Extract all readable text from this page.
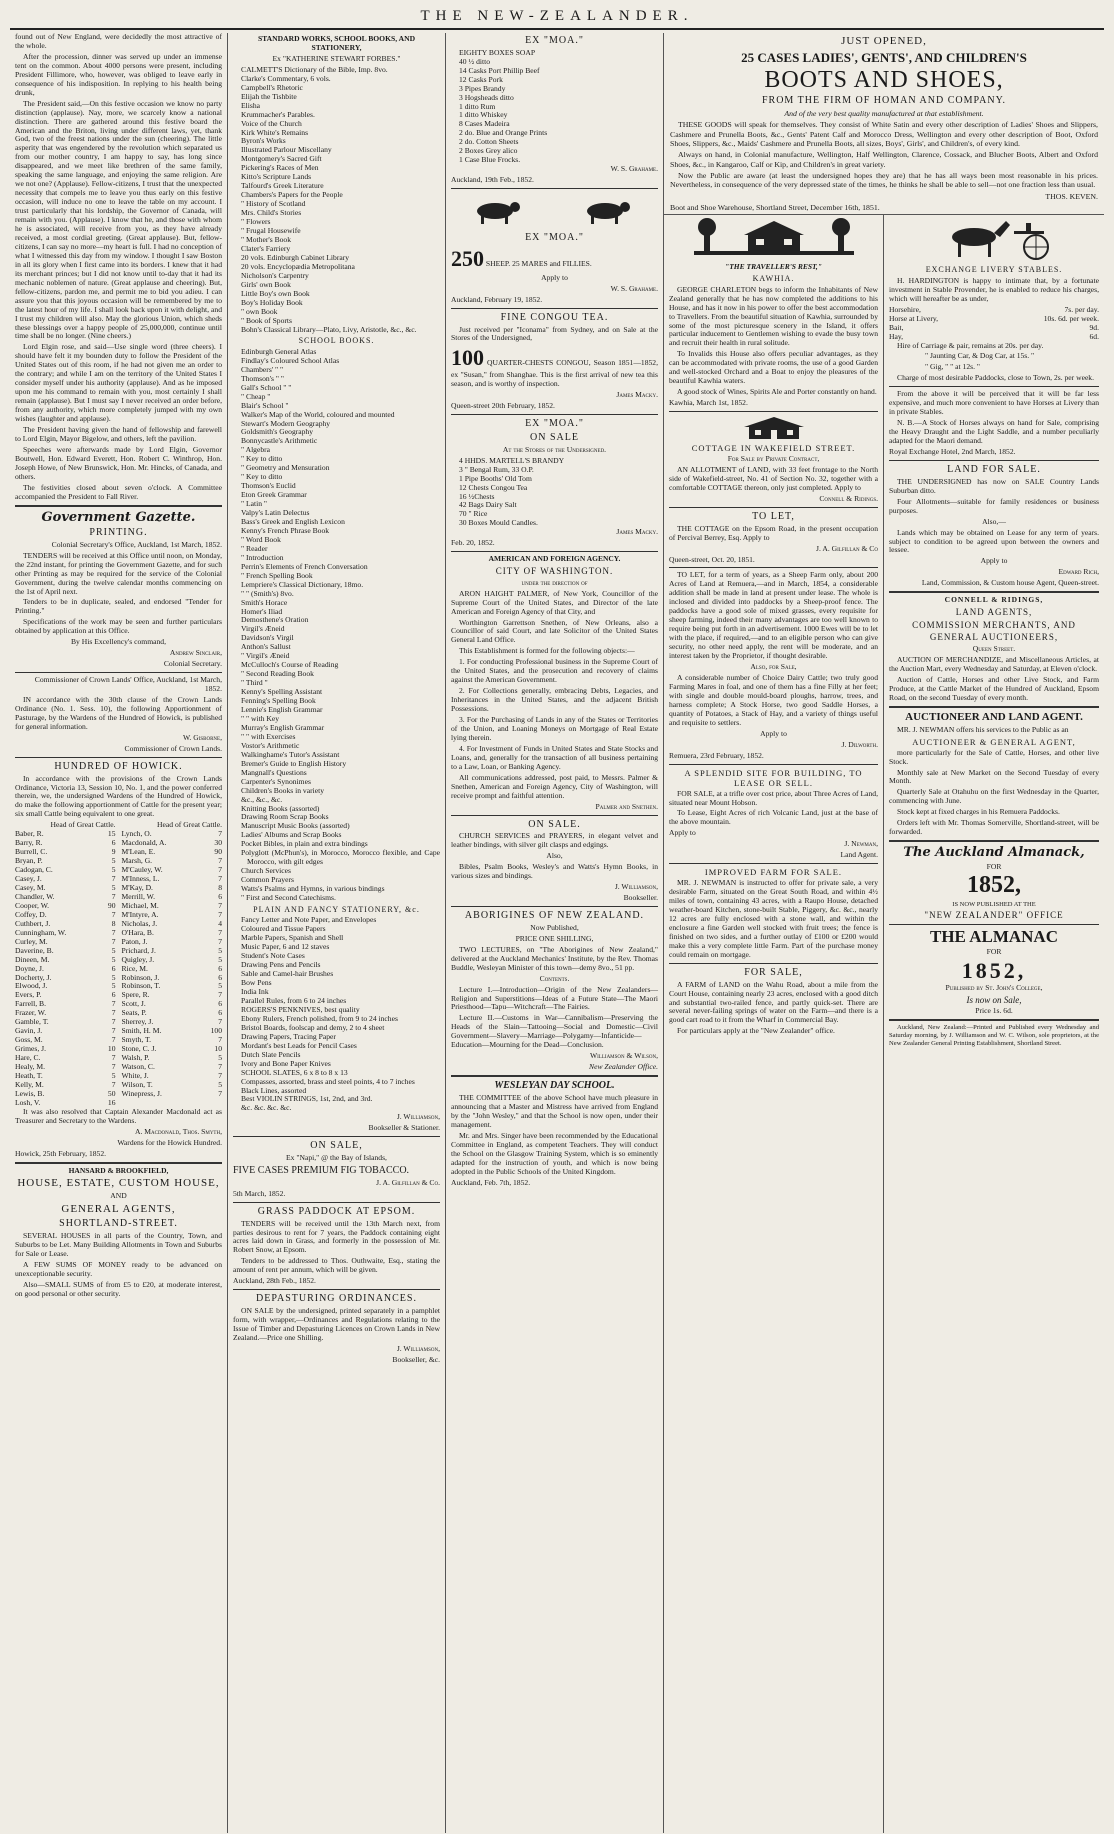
THE NEW-ZEALANDER.

found out of New England, were decidedly the most attractive of the whole.

After the procession, dinner was served up under an immense tent on the common. About 4000 persons were present, including President Fillimore, who, however, was obliged to leave early in consequence of his indisposition. In replying to his health being drunk,

The President said,—On this festive occasion we know no party distinction (applause). Nay, more, we scarcely know a national distinction. There are gathered around this festive board the American and the Briton, living under different laws, yet, thank God, two of the freest nations under the sun (cheering). The little asperity that was engendered by the revolution which separated us from our mother country, I am happy to say, has long since disappeared, and we meet like brethren of the same family, speaking the same language, and enjoying the same religion. Are we not one? (Applause). Fellow-citizens, I trust that the unexpected necessity that compels me to leave you thus early on this festive occasion, will induce no one to leave the table on my account. I trust particularly that his lordship, the Governor of Canada, will remain with you. (Applause). I know that he, and those with whom he is associated, will receive from you, as they have already received, a most cordial greeting. (Great applause). But, fellow-citizens, I can say no more—my heart is full. I had no conception of what I witnessed this day from my window. I thought I saw Boston in all its glory when I first came into its borders. I knew that it had its merchant princes; but I did not know until to-day that it had its mechanic noblemen of nature. (Great applause and cheering). But, fellow-citizens, pardon me, and permit me to bid you adieu. I can assure you that this joyous occasion will be remembered by me to the latest hour of my life. I shall look back upon it with delight, and I trust my children will also. May the glorious Union, which sheds these blessings over a happy people of 25,000,000, continue until time shall be no longer. (Nine cheers.)

Lord Elgin rose, and said—Use single word (three cheers). I should have felt it my bounden duty to follow the President of the United States out of this room, if he had not given me an order to the contrary; and while I am on the territory of the United States I consider myself under his authority (applause). And as he imposed upon me his command to remain with you, most certainly I shall remain (applause). But I must say I never received an order before, from any authority, which more completely jumped with my own wishes (laughter and applause).

The President having given the hand of fellowship and farewell to Lord Elgin, Mayor Bigelow, and others, left the pavilion.

Speeches were afterwards made by Lord Elgin, Governor Boutwell, Hon. Edward Everett, Hon. Robert C. Winthrop, Hon. Joseph Howe, of New Brunswick, Hon. Mr. Hincks, of Canada, and others.

The festivities closed about seven o'clock. A Committee accompanied the President to Fall River.

Government Gazette.
PRINTING.

Colonial Secretary's Office, Auckland, 1st March, 1852.

TENDERS will be received at this Office until noon, on Monday, the 22nd instant, for printing the Government Gazette, and for such other Printing as may be required for the service of the Colonial Government, during the twelve calendar months commencing on the 1st of April next.

Tenders to be in duplicate, sealed, and endorsed "Tender for Printing."

Specifications of the work may be seen and further particulars obtained by application at this Office.

By His Excellency's command,

Andrew Sinclair,

Colonial Secretary.

Commissioner of Crown Lands' Office, Auckland, 1st March, 1852.

IN accordance with the 30th clause of the Crown Lands Ordinance (No. 1. Sess. 10), the following Apportionment of Pasturage, by the Wardens of the Hundred of Howick, is published for general information.

W. Gisborne,

Commissioner of Crown Lands.

HUNDRED OF HOWICK.

In accordance with the provisions of the Crown Lands Ordinance, Victoria 13, Session 10, No. 1, and the power conferred therein, we, the undersigned Wardens of the Hundred of Howick, do make the following apportionment of Cattle for the present year; six small Cattle being equivalent to one great.

Head of Great Cattle.
Baber, R.	15
Barry, R.	6
Burrell, C.	9
Bryan, P.	5
Cadogan, C.	5
Casey, J.	7
Casey, M.	5
Chandler, W.	7
Cooper, W.	90
Coffey, D.	7
Cuthbert, J.	8
Cunningham, W.	7
Curley, M.	7
Daverine, B.	5
Dineen, M.	5
Doyne, J.	6
Docherty, J.	5
Elwood, J.	5
Evers, P.	6
Farrell, B.	7
Frazer, W.	7
Gamble, T.	7
Gavin, J.	7
Goss, M.	7
Grimes, J.	10
Hare, C.	7
Healy, M.	7
Heath, T.	5
Kelly, M.	7
Lewis, B.	50
Losh, V.	16
Head of Great Cattle.
Lynch, O.	7
Macdonald, A.	30
M'Lean, E.	90
Marsh, G.	7
M'Cauley, W.	7
M'Inness, L.	7
M'Kay, D.	8
Merrill, W.	6
Michael, M.	7
M'Intyre, A.	7
Nicholas, J.	4
O'Hara, B.	7
Paton, J.	7
Prichard, J.	5
Quigley, J.	5
Rice, M.	6
Robinson, J.	6
Robinson, T.	5
Spere, R.	7
Scott, J.	6
Seats, P.	6
Sherrey, J.	7
Smith, H. M.	100
Smyth, T.	7
Stone, C. J.	10
Walsh, P.	5
Watson, C.	7
White, J.	7
Wilson, T.	5
Winepress, J.	7

It was also resolved that Captain Alexander Macdonald act as Treasurer and Secretary to the Wardens.

A. Macdonald, Thos. Smyth,

Wardens for the Howick Hundred.

Howick, 25th February, 1852.

HANSARD & BROOKFIELD,
HOUSE, ESTATE, CUSTOM HOUSE,
AND
GENERAL AGENTS,
SHORTLAND-STREET.

SEVERAL HOUSES in all parts of the Country, Town, and Suburbs to be Let. Many Building Allotments in Town and Suburbs for Sale or Lease.

A FEW SUMS OF MONEY ready to be advanced on unexceptionable security.

Also—SMALL SUMS of from £5 to £20, at moderate interest, on good personal or other security.

STANDARD WORKS, SCHOOL BOOKS, AND STATIONERY,

Ex "KATHERINE STEWART FORBES."

CALMETT'S Dictionary of the Bible, Imp. 8vo.
Clarke's Commentary, 6 vols.
Campbell's Rhetoric
Elijah the Tishbite
Elisha
Krummacher's Parables.
Voice of the Church
Kirk White's Remains
Byron's Works
Illustrated Parlour Miscellany
Montgomery's Sacred Gift
Pickering's Races of Men
Kitto's Scripture Lands
Talfourd's Greek Literature
Chambers's Papers for the People
" History of Scotland
Mrs. Child's Stories
" Flowers
" Frugal Housewife
" Mother's Book
Clater's Farriery
20 vols. Edinburgh Cabinet Library
20 vols. Encyclopædia Metropolitana
Nicholson's Carpentry
Girls' own Book
Little Boy's own Book
Boy's Holiday Book
" own Book
" Book of Sports
Bohn's Classical Library—Plato, Livy, Aristotle, &c., &c.
SCHOOL BOOKS.
Edinburgh General Atlas
Findlay's Coloured School Atlas
Chambers' " "
Thomson's " "
Gall's School " "
" Cheap "
Blair's School "
Walker's Map of the World, coloured and mounted
Stewart's Modern Geography
Goldsmith's Geography
Bonnycastle's Arithmetic
" Algebra
" Key to ditto
" Geometry and Mensuration
" Key to ditto
Thomson's Euclid
Eton Greek Grammar
" Latin "
Valpy's Latin Delectus
Bass's Greek and English Lexicon
Kenny's French Phrase Book
" Word Book
" Reader
" Introduction
Perrin's Elements of French Conversation
" French Spelling Book
Lempriere's Classical Dictionary, 18mo.
" " (Smith's) 8vo.
Smith's Horace
Homer's Iliad
Demosthene's Oration
Virgil's Æneid
Davidson's Virgil
Anthon's Sallust
" Virgil's Æneid
McCulloch's Course of Reading
" Second Reading Book
" Third "
Kenny's Spelling Assistant
Fenning's Spelling Book
Lennie's English Grammar
" " with Key
Murray's English Grammar
" " with Exercises
Vostor's Arithmetic
Walkinghame's Tutor's Assistant
Bremer's Guide to English History
Mangnall's Questions
Carpenter's Synonimes
Children's Books in variety
&c., &c., &c.
Knitting Books (assorted)
Drawing Room Scrap Books
Manuscript Music Books (assorted)
Ladies' Albums and Scrap Books
Pocket Bibles, in plain and extra bindings
Polyglott (McPhun's), in Morocco, Morocco flexible, and Cape Morocco, with gilt edges
Church Services
Common Prayers
Watts's Psalms and Hymns, in various bindings
" First and Second Catechisms.
PLAIN AND FANCY STATIONERY, &c.
Fancy Letter and Note Paper, and Envelopes
Coloured and Tissue Papers
Marble Papers, Spanish and Shell
Music Paper, 6 and 12 staves
Student's Note Cases
Drawing Pens and Pencils
Sable and Camel-hair Brushes
Bow Pens
India Ink
Parallel Rules, from 6 to 24 inches
ROGERS'S PENKNIVES, best quality
Ebony Rulers, French polished, from 9 to 24 inches
Bristol Boards, foolscap and demy, 2 to 4 sheet
Drawing Papers, Tracing Paper
Mordant's best Leads for Pencil Cases
Dutch Slate Pencils
Ivory and Bone Paper Knives
SCHOOL SLATES, 6 x 8 to 8 x 13
Compasses, assorted, brass and steel points, 4 to 7 inches
Black Lines, assorted
Best VIOLIN STRINGS, 1st, 2nd, and 3rd.
&c. &c. &c. &c.

J. Williamson,

Bookseller & Stationer.

ON SALE,

Ex "Napi," @ the Bay of Islands,

FIVE CASES PREMIUM FIG TOBACCO.

J. A. Gilfillan & Co.

5th March, 1852.

GRASS PADDOCK AT EPSOM.

TENDERS will be received until the 13th March next, from parties desirous to rent for 7 years, the Paddock containing eight acres laid down in Grass, and formerly in the possession of Mr. Robert Snow, at Epsom.

Tenders to be addressed to Thos. Outhwaite, Esq., stating the amount of rent per annum, which will be given.

Auckland, 28th Feb., 1852.

DEPASTURING ORDINANCES.

ON SALE by the undersigned, printed separately in a pamphlet form, with wrapper,—Ordinances and Regulations relating to the Issue of Timber and Depasturing Licences on Crown Lands in New Zealand.—Price one Shilling.

J. Williamson,

Bookseller, &c.

EX "MOA."
EIGHTY BOXES SOAP
40 ½ ditto
14 Casks Port Phillip Beef
12 Casks Pork
3 Pipes Brandy
3 Hogsheads ditto
1 ditto Rum
1 ditto Whiskey
8 Cases Madeira
2 do. Blue and Orange Prints
2 do. Cotton Sheets
2 Boxes Grey alico
1 Case Blue Frocks.

W. S. Grahame.

Auckland, 19th Feb., 1852.

EX "MOA."

250 SHEEP. 25 MARES and FILLIES.

Apply to

W. S. Grahame.

Auckland, February 19, 1852.

FINE CONGOU TEA.

Just received per "Iconama" from Sydney, and on Sale at the Stores of the Undersigned,

100 QUARTER-CHESTS CONGOU, Season 1851—1852, ex "Susan," from Shanghae. This is the first arrival of new tea this season, and is worthy of inspection.

James Macky.

Queen-street 20th February, 1852.

EX "MOA."
ON SALE

At the Stores of the Undersigned.

4 HHDS. MARTELL'S BRANDY
3 " Bengal Rum, 33 O.P.
1 Pipe Booths' Old Tom
12 Chests Congou Tea
16 ½Chests
42 Bags Dairy Salt
70 " Rice
30 Boxes Mould Candles.

James Macky.

Feb. 20, 1852.

AMERICAN AND FOREIGN AGENCY.
CITY OF WASHINGTON.

under the direction of

ARON HAIGHT PALMER, of New York, Councillor of the Supreme Court of the United States, and Director of the late American and Foreign Agency of that City, and

Worthington Garrettson Snethen, of New Orleans, also a Councillor of said Court, and late Solicitor of the United States General Land Office.

This Establishment is formed for the following objects:—

1. For conducting Professional business in the Supreme Court of the United States, and the prosecution and recovery of claims against the American Government.

2. For Collections generally, embracing Debts, Legacies, and Inheritances in the United States, and the adjacent British Possessions.

3. For the Purchasing of Lands in any of the States or Territories of the Union, and Loaning Moneys on Mortgage of Real Estate lying therein.

4. For Investment of Funds in United States and State Stocks and Loans, and, generally for the transaction of all business pertaining to a Law, Loan, or Banking Agency.

All communications addressed, post paid, to Messrs. Palmer & Snethen, American and Foreign Agency, City of Washington, will receive prompt and faithful attention.

Palmer and Snethen.

ON SALE.

CHURCH SERVICES and PRAYERS, in elegant velvet and leather bindings, with silver gilt clasps and edgings.

Also,

Bibles, Psalm Books, Wesley's and Watts's Hymn Books, in various sizes and bindings.

J. Williamson,

Bookseller.

ABORIGINES OF NEW ZEALAND.

Now Published,

PRICE ONE SHILLING,

TWO LECTURES, on "The Aborigines of New Zealand," delivered at the Auckland Mechanics' Institute, by the Rev. Thomas Buddle, Wesleyan Minister of this town—demy 8vo., 51 pp.

Contents.

Lecture I.—Introduction—Origin of the New Zealanders—Religion and Superstitions—Ideas of a Future State—The Maori Priesthood—Tapu—Witchcraft—The Fairies.

Lecture II.—Customs in War—Cannibalism—Preserving the Heads of the Slain—Tattooing—Social and Domestic—Civil Government—Slavery—Marriage—Polygamy—Infanticide—Education—Mourning for the Dead—Conclusion.

Williamson & Wilson,

New Zealander Office.

WESLEYAN DAY SCHOOL.

THE COMMITTEE of the above School have much pleasure in announcing that a Master and Mistress have arrived from England by the "John Wesley," and that the School is now open, under their management.

Mr. and Mrs. Singer have been recommended by the Educational Committee in England, as competent Teachers. They will conduct the School on the Glasgow Training System, which is so eminently adapted for the instruction of youth, and which is now being adopted in the Public Schools of the United Kingdom.

Auckland, Feb. 7th, 1852.

JUST OPENED,
25 CASES LADIES', GENTS', AND CHILDREN'S
BOOTS AND SHOES,
FROM THE FIRM OF HOMAN AND COMPANY.

And of the very best quality manufactured at that establishment.

THESE GOODS will speak for themselves. They consist of White Satin and every other description of Ladies' Shoes and Slippers, Cashmere and Prunella Boots, &c., Gents' Patent Calf and Morocco Dress, Wellington and every other description of Boot, Oxford Shoes, Slippers, &c., Maids' Cashmere and Prunella Boots, all sizes, Boys', Girls', and Children's, of every kind.

Always on hand, in Colonial manufacture, Wellington, Half Wellington, Clarence, Cossack, and Blucher Boots, Albert and Oxford Shoes, &c., in Kangaroo, Calf or Kip, and Children's in great variety.

Now the Public are aware (at least the undersigned hopes they are) that he has all ways been most reasonable in his prices. Nevertheless, in consequence of the very depressed state of the times, he thinks he shall be able to sell—not one fraction less than usual.

THOS. KEVEN.

Boot and Shoe Warehouse, Shortland Street, December 16th, 1851.

"THE TRAVELLER'S REST,"
KAWHIA.

GEORGE CHARLETON begs to inform the Inhabitants of New Zealand generally that he has now completed the additions to his House, and has it now in his power to offer the best accommodation to Travellers. From the beautiful situation of Kawhia, surrounded by some of the most picturesque scenery in the Island, it offers particular inducement to Gentlemen wishing to evade the busy town and recruit their health in rural solitude.

To Invalids this House also offers peculiar advantages, as they can be accommodated with private rooms, the use of a good Garden and well-stocked Orchard and a Boat to enjoy the pleasures of the beautiful Kawhia waters.

A good stock of Wines, Spirits Ale and Porter constantly on hand.

Kawhia, March 1st, 1852.

COTTAGE IN WAKEFIELD STREET.

For Sale by Private Contract,

AN ALLOTMENT of LAND, with 33 feet frontage to the North side of Wakefield-street, No. 41 of Section No. 32, together with a comfortable COTTAGE thereon, only just completed. Apply to

Connell & Ridings.

TO LET,

THE COTTAGE on the Epsom Road, in the present occupation of Percival Berrey, Esq. Apply to

J. A. Gilfillan & Co

Queen-street, Oct. 20, 1851.

TO LET, for a term of years, as a Sheep Farm only, about 200 Acres of Land at Remuera,—and in March, 1854, a considerable addition shall be made in land at present under lease. The whole is inclosed and divided into paddocks by a Sheep-proof fence. The paddocks have a good sole of mixed grasses, every requisite for sheep farming, indeed their many advantages are too well known to require being put forth in an advertisement. 1000 Ewes will be to let with the place, if required,—and to an eligible person who can give security, no other need apply, the rent will be moderate, and an interest taken by the Proprietor, if thought desirable.

Also, for Sale,

A considerable number of Choice Dairy Cattle; two truly good Farming Mares in foal, and one of them has a fine Filly at her feet; with single and double mould-board ploughs, harrow, trees, and harness complete; A Stock Horse, two good Saddle Horses, a quantity of Potatoes, a Stack of Hay, and a variety of things useful and requisite to settlers.

Apply to

J. Dilworth.

Remuera, 23rd February, 1852.

A SPLENDID SITE FOR BUILDING, TO LEASE OR SELL.

FOR SALE, at a trifle over cost price, about Three Acres of Land, situated near Mount Hobson.

To Lease, Eight Acres of rich Volcanic Land, just at the base of the above mountain.

Apply to

J. Newman,

Land Agent.

IMPROVED FARM FOR SALE.

MR. J. NEWMAN is instructed to offer for private sale, a very desirable Farm, situated on the Great South Road, and within 4½ miles of town, containing 43 acres, with a Raupo House, detached weather-board Kitchen, stone-built Stable, Piggery, &c. &c., nearly 12 acres are fully enclosed with a stone wall, and within the enclosure a fine Garden well stocked with fruit trees; the fence is finished on two sides, and a further outlay of £100 or £200 would make this a very complete little Farm. Part of the purchase money could remain on mortgage.

FOR SALE,

A FARM of LAND on the Wahu Road, about a mile from the Court House, containing nearly 23 acres, enclosed with a good ditch and substantial two-railed fence, and partly quick-set. There are several never-failing springs of water on the Farm—and there is a good cart road to it from the Wharf in Commercial Bay.

For particulars apply at the "New Zealander" office.

EXCHANGE LIVERY STABLES.

H. HARDINGTON is happy to intimate that, by a fortunate investment in Stable Provender, he is enabled to reduce his charges, which will hereafter be as under,

Horsehire,	7s. per day.
Horse at Livery,	10s. 6d. per week.
Bait,	9d.
Hay,	6d.

Hire of Carriage & pair, remains at 20s. per day.

" Jaunting Car, & Dog Car, at 15s. "

" Gig, " " at 12s. "

Charge of most desirable Paddocks, close to Town, 2s. per week.

From the above it will be perceived that it will be far less expensive, and much more convenient to have Horses at Livery than in private Stables.

N. B.—A Stock of Horses always on hand for Sale, comprising the Heavy Draught and the Light Saddle, and a number peculiarly adapted for the Maori demand.

Royal Exchange Hotel, 2nd March, 1852.

LAND FOR SALE.

THE UNDERSIGNED has now on SALE Country Lands Suburban ditto.

Four Allotments—suitable for family residences or business purposes.

Also,—

Lands which may be obtained on Lease for any term of years. subject to condition to be agreed upon between the owners and lessee.

Apply to

Edward Rich,

Land, Commission, & Custom house Agent, Queen-street.

CONNELL & RIDINGS,
LAND AGENTS,
COMMISSION MERCHANTS, AND
GENERAL AUCTIONEERS,

Queen Street.

AUCTION OF MERCHANDIZE, and Miscellaneous Articles, at the Auction Mart, every Wednesday and Saturday, at Eleven o'clock.

Auction of Cattle, Horses and other Live Stock, and Farm Produce, at the Cattle Market of the Hundred of Auckland, Epsom Road, on the second Tuesday of every month.

AUCTIONEER AND LAND AGENT.

MR. J. NEWMAN offers his services to the Public as an

AUCTIONEER & GENERAL AGENT,

more particularly for the Sale of Cattle, Horses, and other live Stock.

Monthly sale at New Market on the Second Tuesday of every Month.

Quarterly Sale at Otahuhu on the first Wednesday in the Quarter, commencing with June.

Stock kept at fixed charges in his Remuera Paddocks.

Orders left with Mr. Thomas Somerville, Shortland-street, will be forwarded.

The Auckland Almanack,
FOR
1852,
IS NOW PUBLISHED AT THE
"NEW ZEALANDER" OFFICE
THE ALMANAC
FOR
1852,

Published by St. John's College,

Is now on Sale,

Price 1s. 6d.

Auckland, New Zealand:—Printed and Published every Wednesday and Saturday morning, by J. Williamson and W. C. Wilson, sole proprietors, at the New Zealander General Printing Establishment, Shortland Street.
